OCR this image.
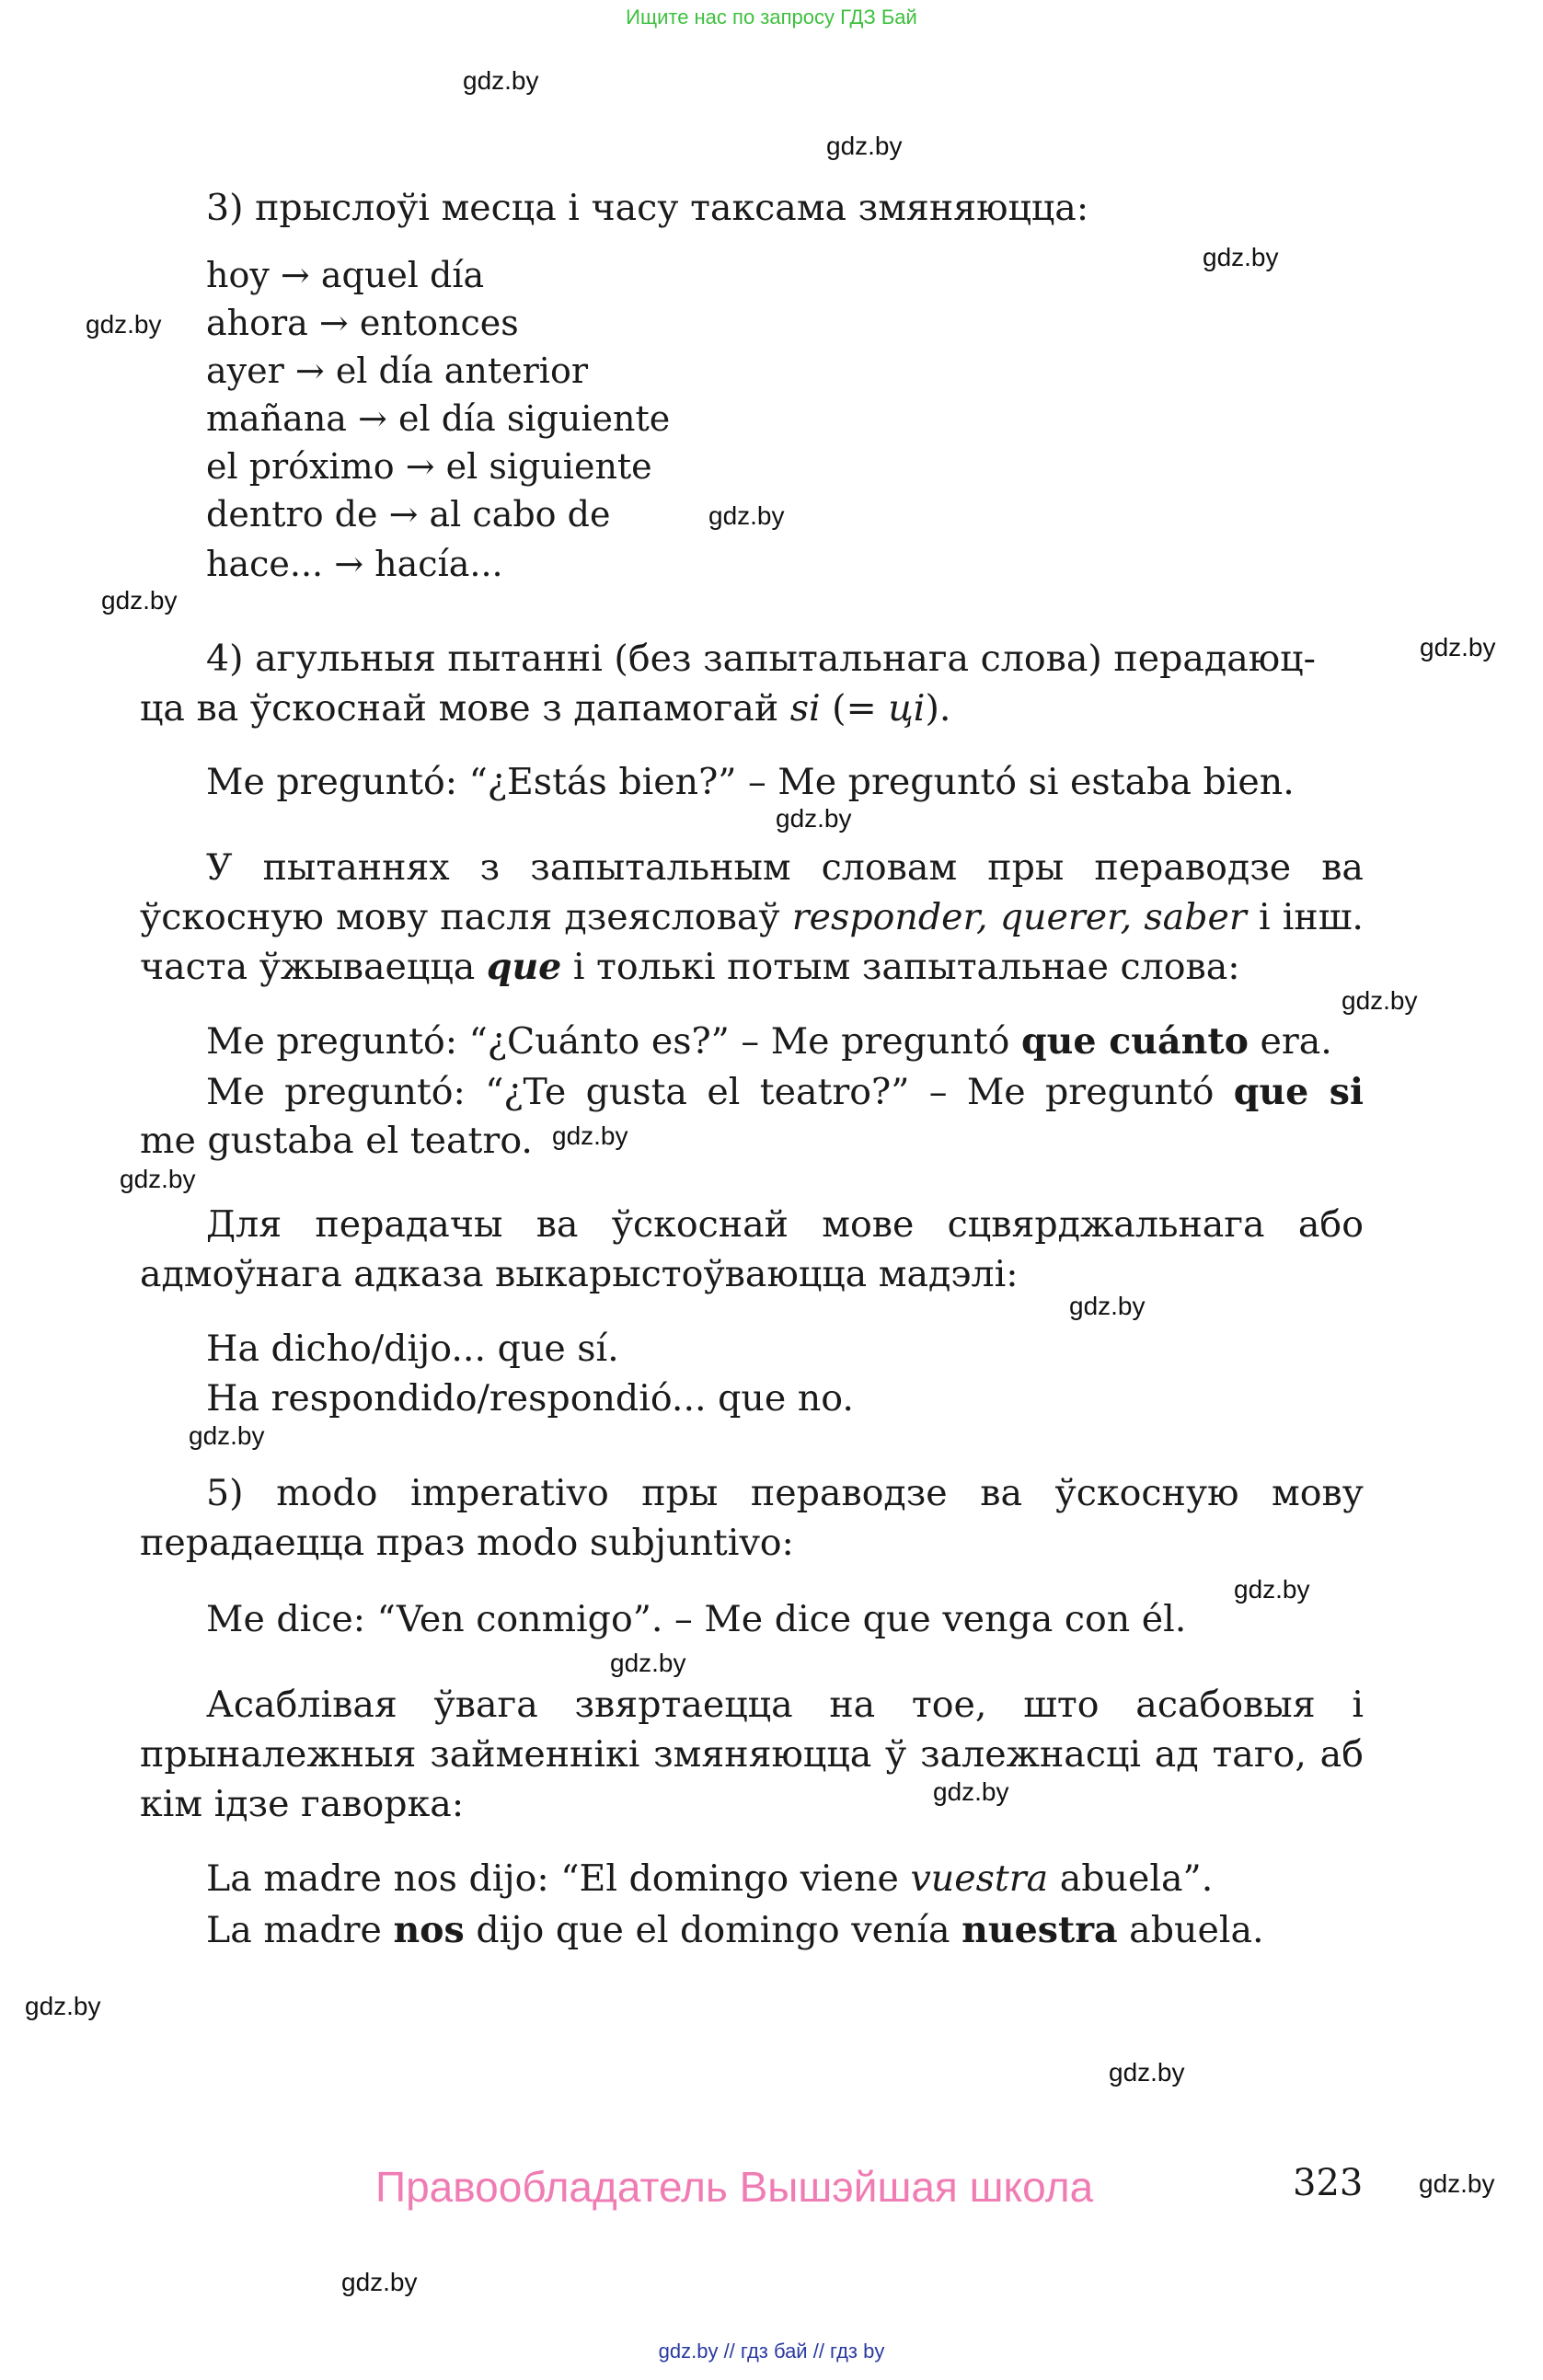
Ищите нас по запросу ГДЗ Бай
gdz.by
gdz.by
gdz.by
gdz.by
gdz.by
gdz.by
gdz.by
gdz.by
gdz.by
gdz.by
gdz.by
gdz.by
gdz.by
gdz.by
gdz.by
gdz.by
gdz.by
gdz.by
gdz.by
gdz.by
3) прыслоўі месца і часу таксама змяняюцца:
hoy → aquel día
ahora → entonces
ayer → el día anterior
mañana → el día siguiente
el próximo → el siguiente
dentro de → al cabo de
hace... → hacía...
4) агульныя пытанні (без запытальнага слова) перадаюц-
ца ва ўскоснай мове з дапамогай si (= ці).
Me preguntó: “¿Estás bien?” – Me preguntó si estaba bien.
У пытаннях з запытальным словам пры пераводзе ва ўскосную мову пасля дзеясловаў responder, querer, saber і інш. часта ўжываецца que і толькі потым запытальнае слова:
Me preguntó: “¿Cuánto es?” – Me preguntó que cuánto era.
Me preguntó: “¿Te gusta el teatro?” – Me preguntó que si
me gustaba el teatro.
Для перадачы ва ўскоснай мове сцвярджальнага або адмоўнага адказа выкарыстоўваюцца мадэлі:
Ha dicho/dijo... que sí.
Ha respondido/respondió... que no.
5) modo imperativo пры пераводзе ва ўскосную мову перадаецца праз modo subjuntivo:
Me dice: “Ven conmigo”. – Me dice que venga con él.
Асаблівая ўвага звяртаецца на тое, што асабовыя і прыналежныя займеннікі змяняюцца ў залежнасці ад таго, аб кім ідзе гаворка:
La madre nos dijo: “El domingo viene vuestra abuela”.
La madre nos dijo que el domingo venía nuestra abuela.
Правообладатель Вышэйшая школа	323
gdz.by // гдз бай // гдз by
